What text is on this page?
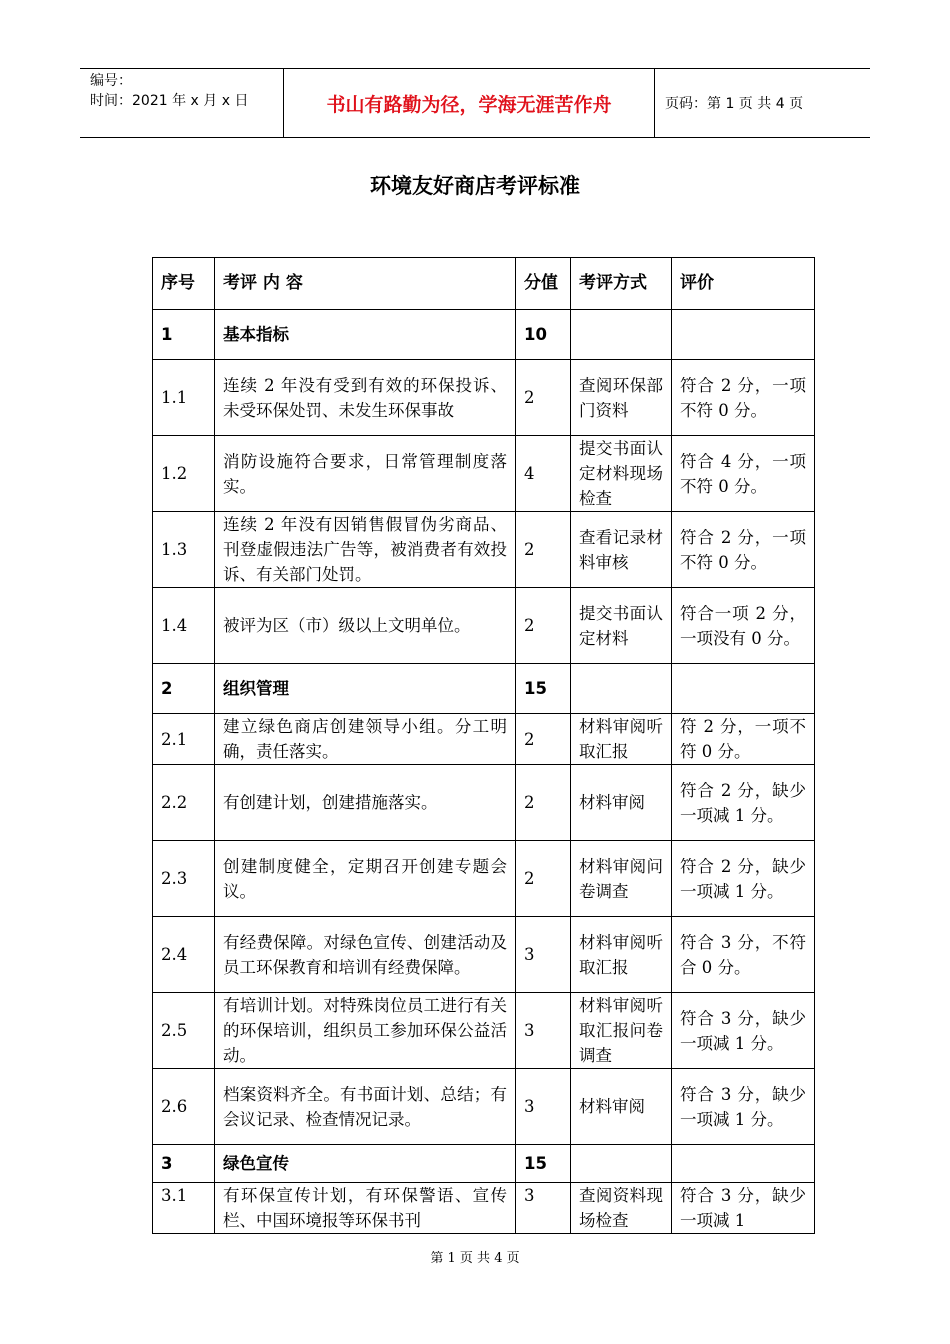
编号：
时间：2021 年 x 月 x 日	书山有路勤为径，学海无涯苦作舟	页码：第 1 页 共 4 页
环境友好商店考评标准
序号	考评 内 容	分值	考评方式	评价
1	基本指标	10		
1.1	连续 2 年没有受到有效的环保投诉、未受环保处罚、未发生环保事故	2	查阅环保部门资料	符合 2 分，一项不符 0 分。
1.2	消防设施符合要求，日常管理制度落实。	4	提交书面认定材料现场检查	符合 4 分，一项不符 0 分。
1.3	连续 2 年没有因销售假冒伪劣商品、刊登虚假违法广告等，被消费者有效投诉、有关部门处罚。	2	查看记录材料审核	符合 2 分，一项不符 0 分。
1.4	被评为区（市）级以上文明单位。	2	提交书面认定材料	符合一项 2 分，一项没有 0 分。
2	组织管理	15		
2.1	建立绿色商店创建领导小组。分工明确，责任落实。	2	材料审阅听取汇报	符 2 分，一项不符 0 分。
2.2	有创建计划，创建措施落实。	2	材料审阅	符合 2 分，缺少一项减 1 分。
2.3	创建制度健全，定期召开创建专题会议。	2	材料审阅问卷调查	符合 2 分，缺少一项减 1 分。
2.4	有经费保障。对绿色宣传、创建活动及员工环保教育和培训有经费保障。	3	材料审阅听取汇报	符合 3 分，不符合 0 分。
2.5	有培训计划。对特殊岗位员工进行有关的环保培训，组织员工参加环保公益活动。	3	材料审阅听取汇报问卷调查	符合 3 分，缺少一项减 1 分。
2.6	档案资料齐全。有书面计划、总结；有会议记录、检查情况记录。	3	材料审阅	符合 3 分，缺少一项减 1 分。
3	绿色宣传	15		
3.1	有环保宣传计划，有环保警语、宣传栏、中国环境报等环保书刊	3	查阅资料现场检查	符合 3 分，缺少一项减 1
第 1 页 共 4 页
